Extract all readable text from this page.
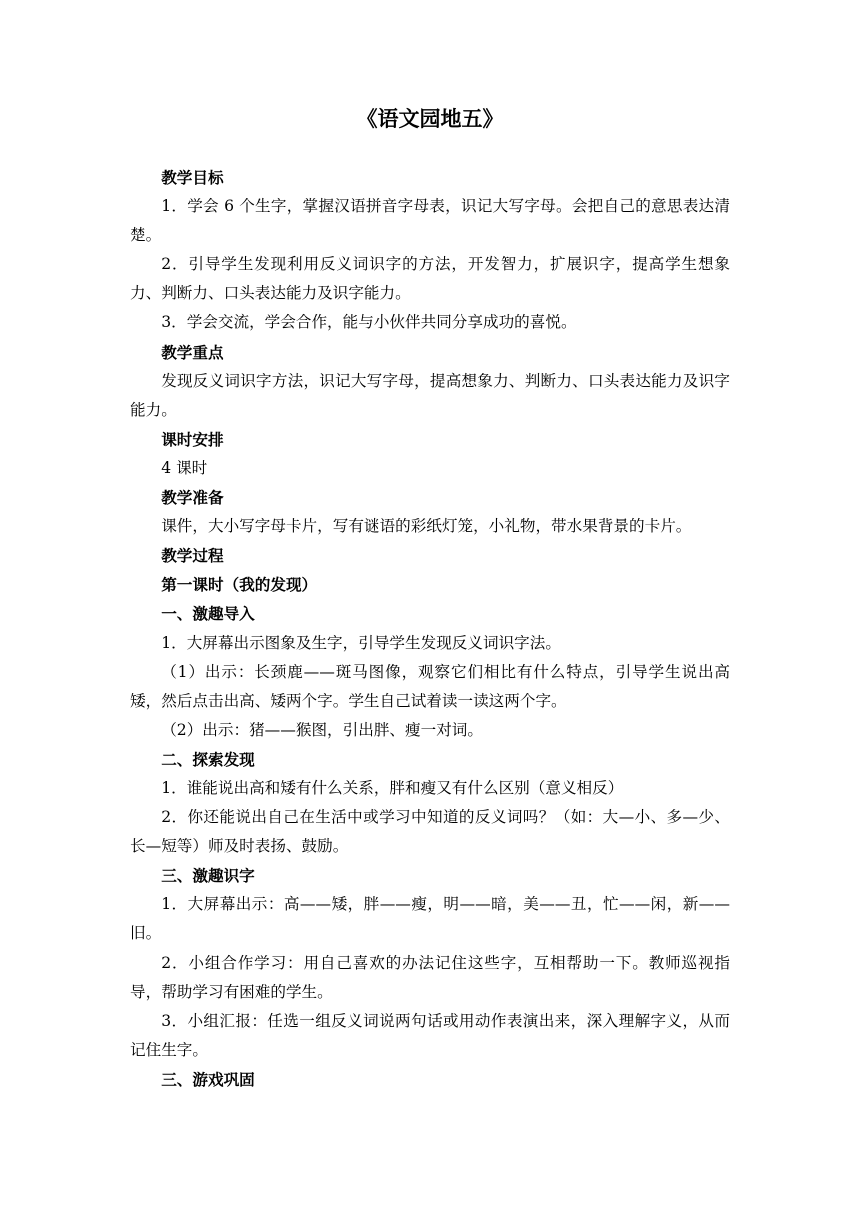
《语文园地五》

教学目标

1．学会 6 个生字，掌握汉语拼音字母表，识记大写字母。会把自己的意思表达清楚。

2．引导学生发现利用反义词识字的方法，开发智力，扩展识字，提高学生想象力、判断力、口头表达能力及识字能力。

3．学会交流，学会合作，能与小伙伴共同分享成功的喜悦。

教学重点

发现反义词识字方法，识记大写字母，提高想象力、判断力、口头表达能力及识字能力。

课时安排

4 课时

教学准备

课件，大小写字母卡片，写有谜语的彩纸灯笼，小礼物，带水果背景的卡片。

教学过程

第一课时（我的发现）

一、激趣导入

1．大屏幕出示图象及生字，引导学生发现反义词识字法。

（1）出示：长颈鹿——斑马图像，观察它们相比有什么特点，引导学生说出高矮，然后点击出高、矮两个字。学生自己试着读一读这两个字。

（2）出示：猪——猴图，引出胖、瘦一对词。

二、探索发现

1．谁能说出高和矮有什么关系，胖和瘦又有什么区别（意义相反）

2．你还能说出自己在生活中或学习中知道的反义词吗？（如：大—小、多—少、长—短等）师及时表扬、鼓励。

三、激趣识字

1．大屏幕出示：高——矮，胖——瘦，明——暗，美——丑，忙——闲，新——旧。

2．小组合作学习：用自己喜欢的办法记住这些字，互相帮助一下。教师巡视指导，帮助学习有困难的学生。

3．小组汇报：任选一组反义词说两句话或用动作表演出来，深入理解字义，从而记住生字。

三、游戏巩固
